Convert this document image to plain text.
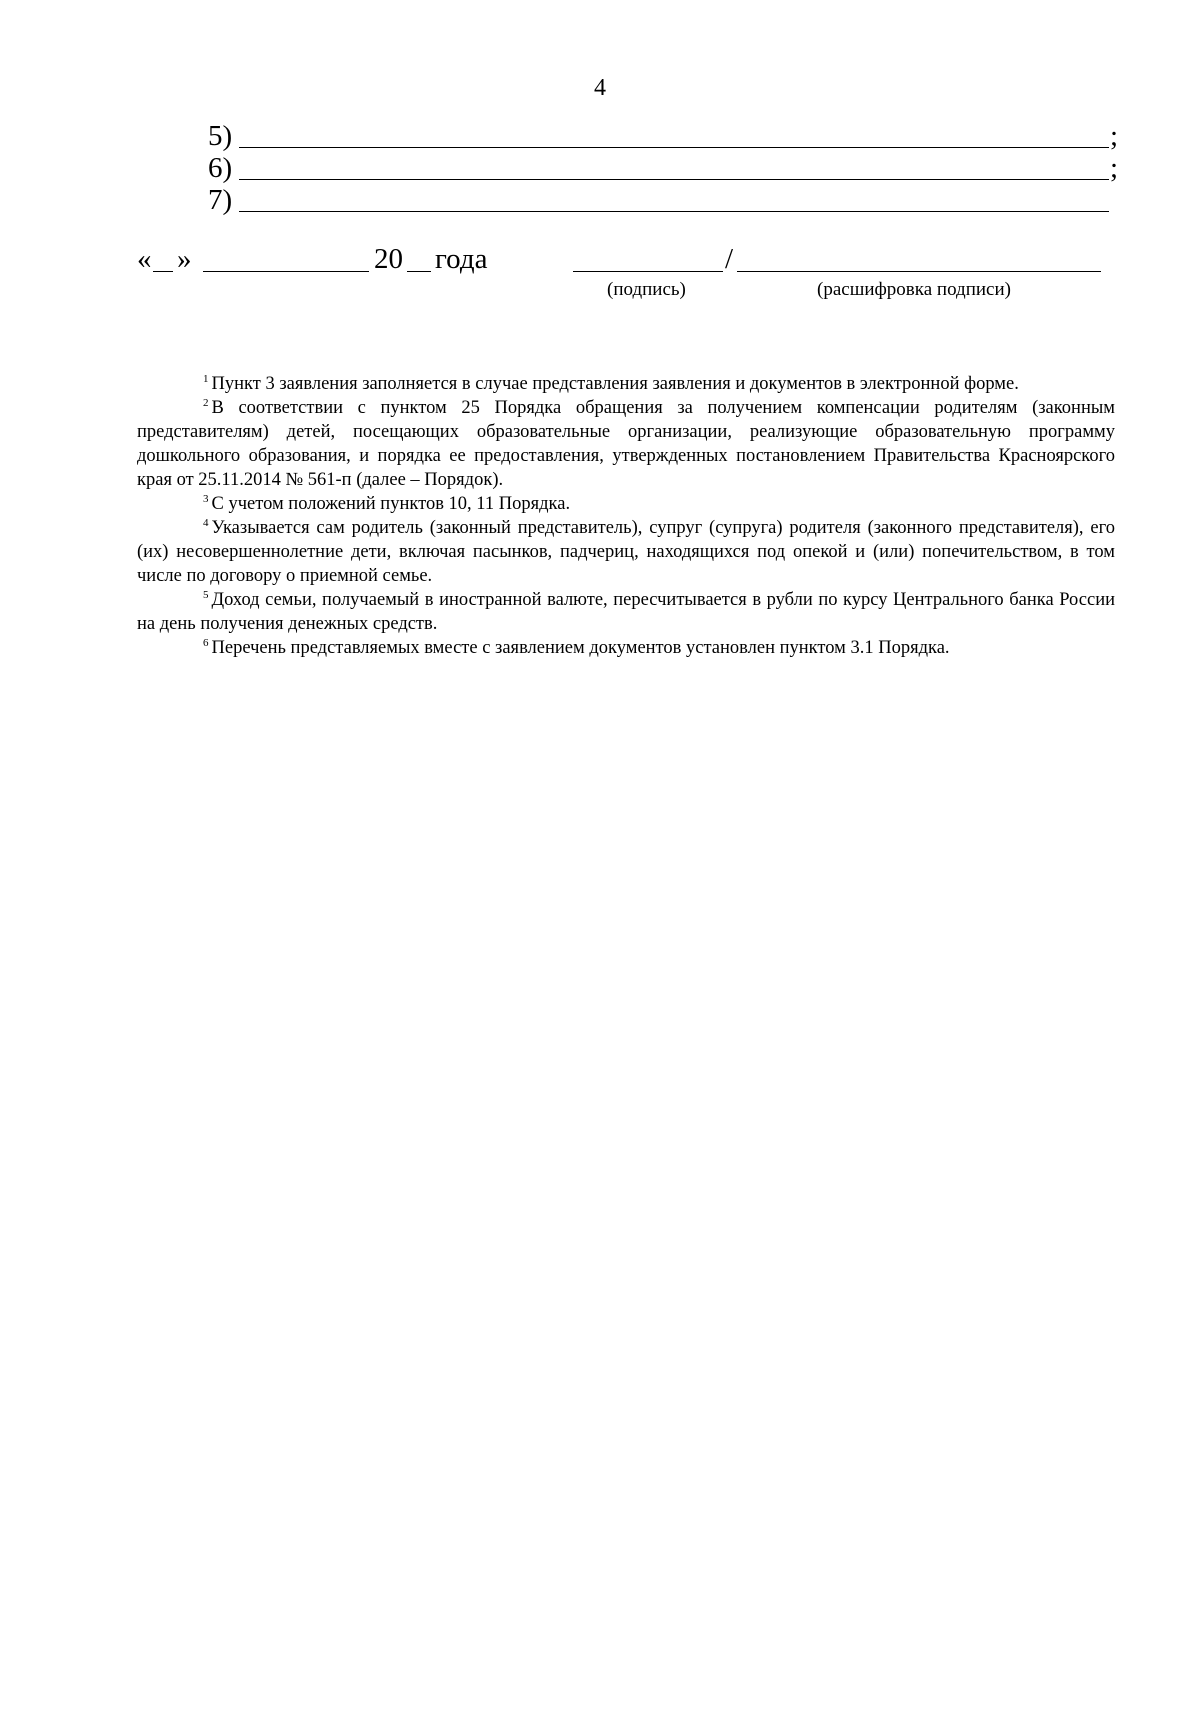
4
5)	;
6)	;
7)
« »	20 года	/
(подпись)	(расшифровка подписи)

$^1$ Пункт 3 заявления заполняется в случае представления заявления и документов в электронной форме.

$^2$ В соответствии с пунктом 25 Порядка обращения за получением компенсации родителям (законным представителям) детей, посещающих образовательные организации, реализующие образовательную программу дошкольного образования, и порядка ее предоставления, утвержденных постановлением Правительства Красноярского края от 25.11.2014 № 561-п (далее – Порядок).

$^3$ С учетом положений пунктов 10, 11 Порядка.

$^4$ Указывается сам родитель (законный представитель), супруг (супруга) родителя (законного представителя), его (их) несовершеннолетние дети, включая пасынков, падчериц, находящихся под опекой и (или) попечительством, в том числе по договору о приемной семье.

$^5$ Доход семьи, получаемый в иностранной валюте, пересчитывается в рубли по курсу Центрального банка России на день получения денежных средств.

$^6$ Перечень представляемых вместе с заявлением документов установлен пунктом 3.1 Порядка.
